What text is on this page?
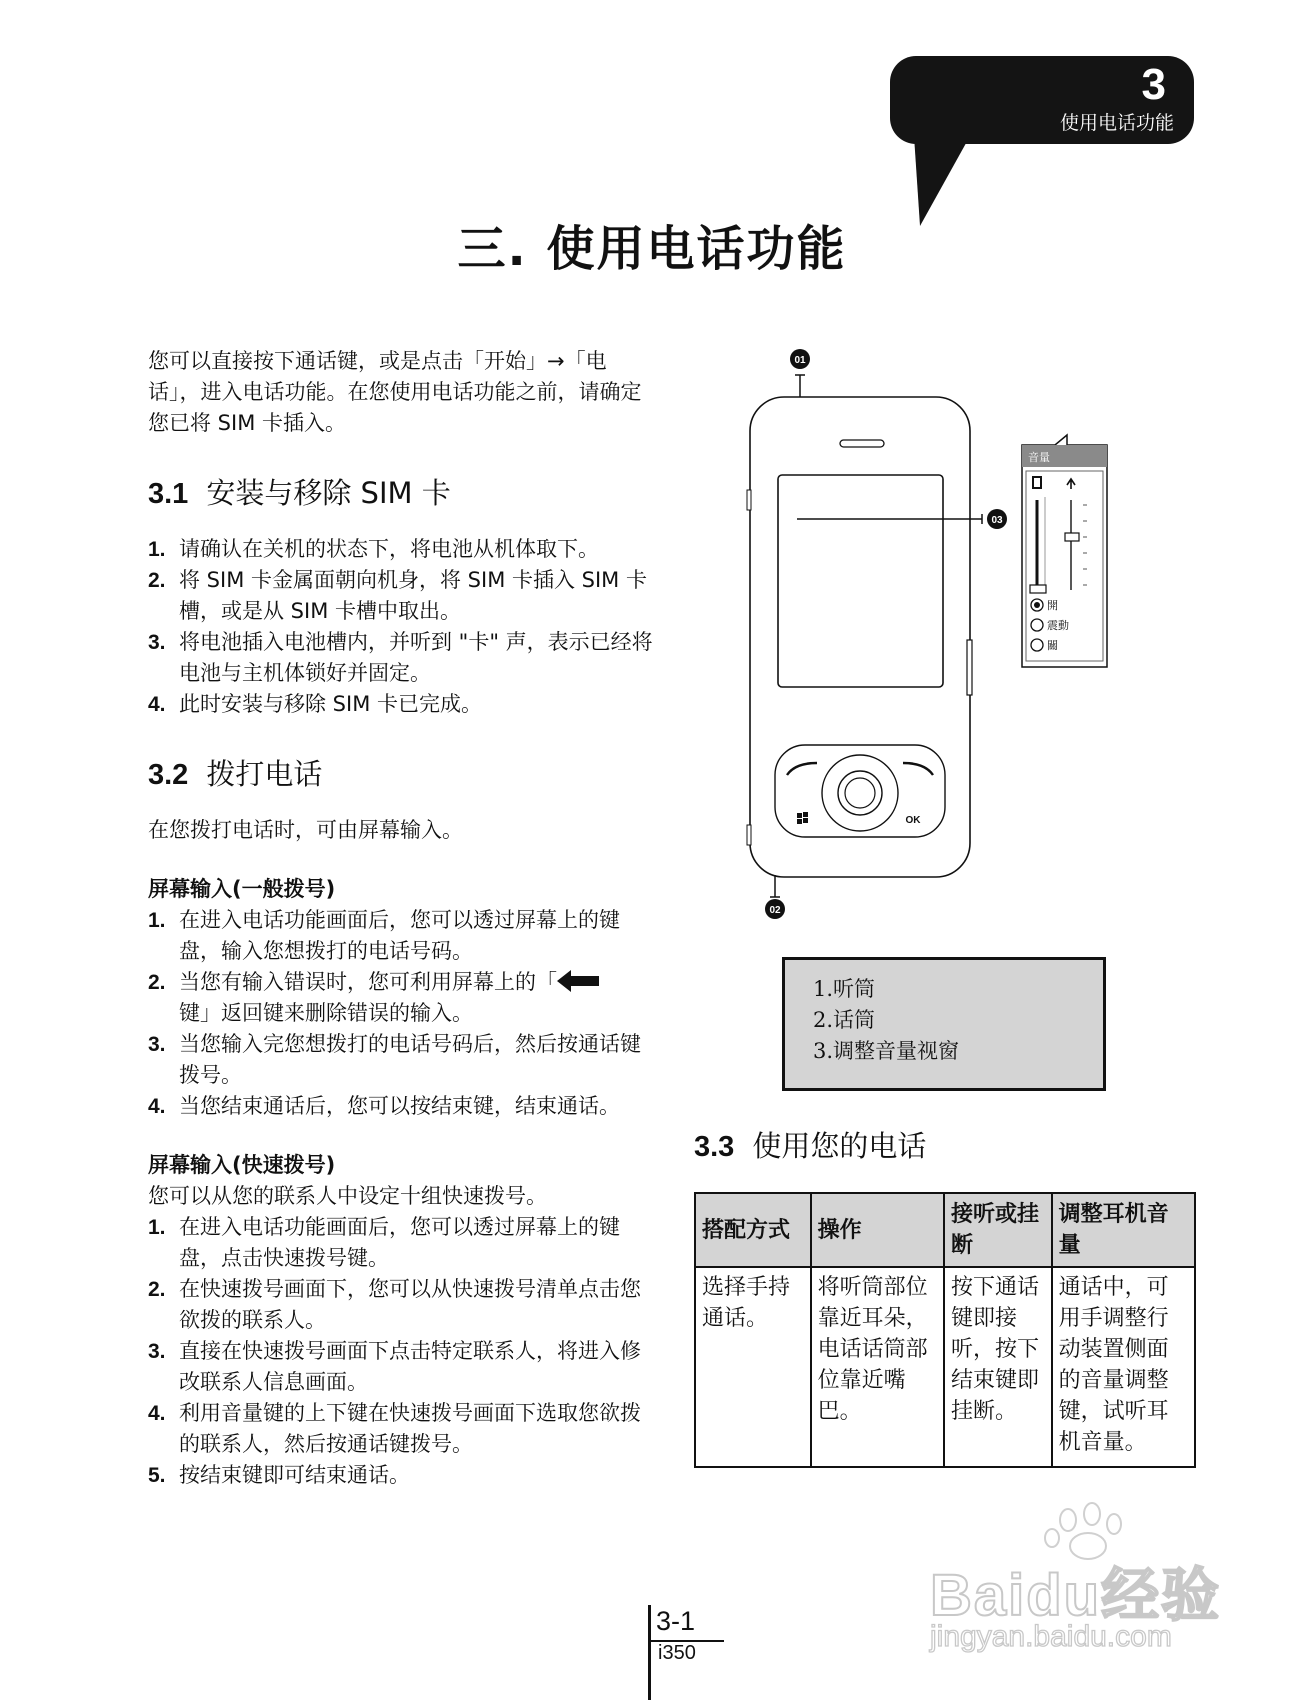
3
使用电话功能
三. 使用电话功能

您可以直接按下通话键，或是点击「开始」→「电话」，进入电话功能。在您使用电话功能之前，请确定您已将 SIM 卡插入。

3.1 安装与移除 SIM 卡
1. 请确认在关机的状态下，将电池从机体取下。
2. 将 SIM 卡金属面朝向机身，将 SIM 卡插入 SIM 卡槽，或是从 SIM 卡槽中取出。
3. 将电池插入电池槽内，并听到 "卡" 声，表示已经将电池与主机体锁好并固定。
4. 此时安装与移除 SIM 卡已完成。
3.2 拨打电话

在您拨打电话时，可由屏幕输入。

屏幕输入(一般拨号)
1. 在进入电话功能画面后，您可以透过屏幕上的键盘，输入您想拨打的电话号码。
2. 当您有输入错误时，您可利用屏幕上的「
键」返回键来删除错误的输入。
3. 当您输入完您想拨打的电话号码后，然后按通话键拨号。
4. 当您结束通话后，您可以按结束键，结束通话。
屏幕输入(快速拨号)

您可以从您的联系人中设定十组快速拨号。

1. 在进入电话功能画面后，您可以透过屏幕上的键盘，点击快速拨号键。
2. 在快速拨号画面下，您可以从快速拨号清单点击您欲拨的联系人。
3. 直接在快速拨号画面下点击特定联系人，将进入修改联系人信息画面。
4. 利用音量键的上下键在快速拨号画面下选取您欲拨的联系人，然后按通话键拨号。
5. 按结束键即可结束通话。
01
OK
02
03
音量
開
震動
關
1.听筒
2.话筒
3.调整音量视窗
3.3 使用您的电话
搭配方式	操作	接听或挂断	调整耳机音量
选择手持通话。	将听筒部位靠近耳朵，电话话筒部位靠近嘴巴。	按下通话键即接听，按下结束键即挂断。	通话中，可用手调整行动装置侧面的音量调整键，试听耳机音量。
Baidu经验
jingyan.baidu.com
3-1
i350
